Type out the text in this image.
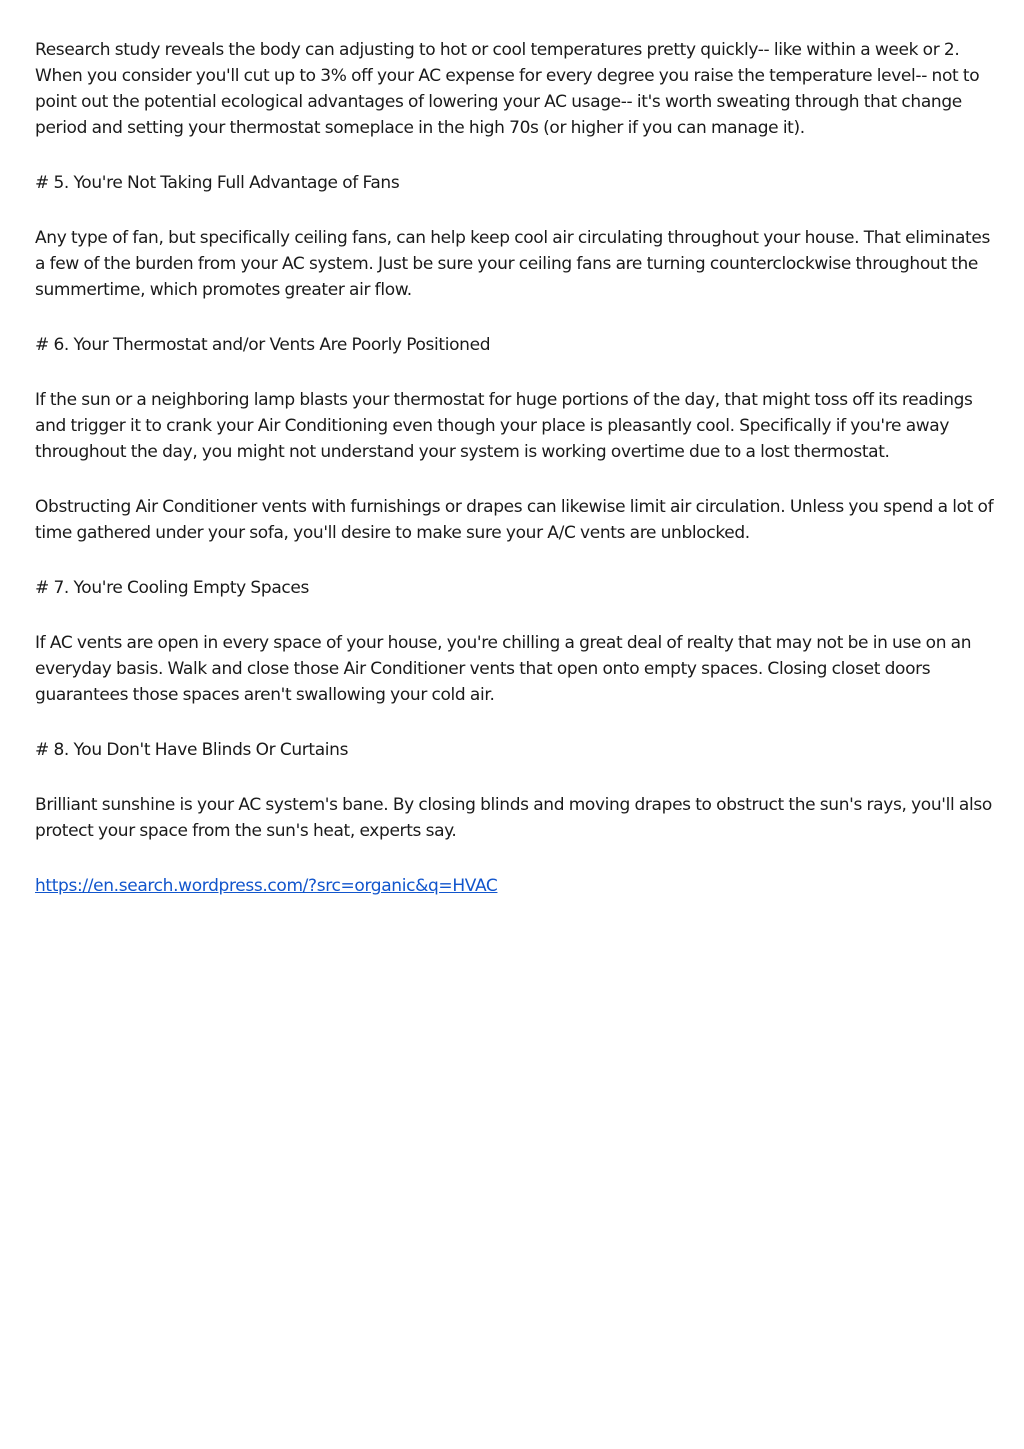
Research study reveals the body can adjusting to hot or cool temperatures pretty quickly-- like within a week or 2. When you consider you'll cut up to 3% off your AC expense for every degree you raise the temperature level-- not to point out the potential ecological advantages of lowering your AC usage-- it's worth sweating through that change period and setting your thermostat someplace in the high 70s (or higher if you can manage it).

# 5. You're Not Taking Full Advantage of Fans

Any type of fan, but specifically ceiling fans, can help keep cool air circulating throughout your house. That eliminates a few of the burden from your AC system. Just be sure your ceiling fans are turning counterclockwise throughout the summertime, which promotes greater air flow.

# 6. Your Thermostat and/or Vents Are Poorly Positioned

If the sun or a neighboring lamp blasts your thermostat for huge portions of the day, that might toss off its readings and trigger it to crank your Air Conditioning even though your place is pleasantly cool. Specifically if you're away throughout the day, you might not understand your system is working overtime due to a lost thermostat.

Obstructing Air Conditioner vents with furnishings or drapes can likewise limit air circulation. Unless you spend a lot of time gathered under your sofa, you'll desire to make sure your A/C vents are unblocked.

# 7. You're Cooling Empty Spaces

If AC vents are open in every space of your house, you're chilling a great deal of realty that may not be in use on an everyday basis. Walk and close those Air Conditioner vents that open onto empty spaces. Closing closet doors guarantees those spaces aren't swallowing your cold air.

# 8. You Don't Have Blinds Or Curtains

Brilliant sunshine is your AC system's bane. By closing blinds and moving drapes to obstruct the sun's rays, you'll also protect your space from the sun's heat, experts say.

https://en.search.wordpress.com/?src=organic&q=HVAC
